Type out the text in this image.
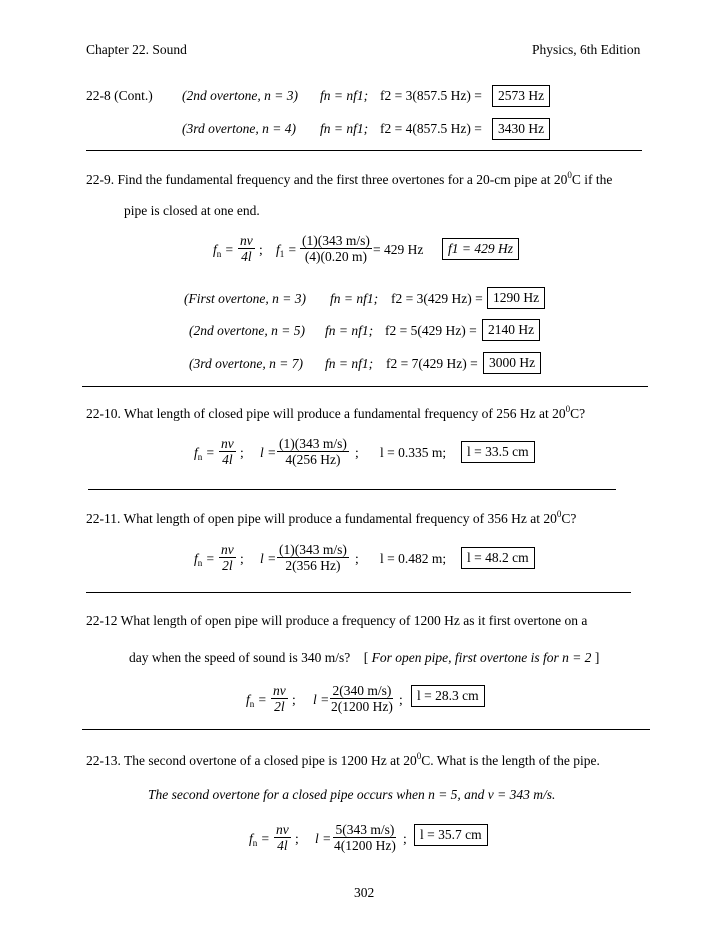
Chapter 22. Sound	Physics, 6th Edition
22-8 (Cont.) (2nd overtone, n = 3) fn = nf1; f2 = 3(857.5 Hz) =	2573 Hz
(3rd overtone, n = 4) fn = nf1; f2 = 4(857.5 Hz) =	3430 Hz
22-9. Find the fundamental frequency and the first three overtones for a 20-cm pipe at $20^0C$ if the
pipe is closed at one end.
$f_n = \frac{nv}{4l}$ ; $f_1 = \frac{(1)(343 m/s)}{(4)(0.20 m)} = 429$ Hz	f1 = 429 Hz
(First overtone, n = 3) fn = nf1; f2 = 3(429 Hz) = 1290 Hz
(2nd overtone, n = 5) fn = nf1; f2 = 5(429 Hz) = 2140 Hz
(3rd overtone, n = 7) fn = nf1; f2 = 7(429 Hz) = 3000 Hz
22-10. What length of closed pipe will produce a fundamental frequency of 256 Hz at $20^0C$?
$f_n = \frac{nv}{4l}$ ; $l = \frac{(1)(343 m/s)}{4(256 Hz)}$ ; l = 0.335 m;	l = 33.5 cm
22-11. What length of open pipe will produce a fundamental frequency of 356 Hz at $20^0C$?
$f_n = \frac{nv}{2l}$ ; $l = \frac{(1)(343 m/s)}{2(356 Hz)}$ ; l = 0.482 m;	l = 48.2 cm
22-12 What length of open pipe will produce a frequency of 1200 Hz as it first overtone on a
day when the speed of sound is 340 m/s?    [ For open pipe, first overtone is for n = 2 ]
$f_n = \frac{nv}{2l}$ ; $l = \frac{2(340 m/s)}{2(1200 Hz)}$ ;	l = 28.3 cm
22-13. The second overtone of a closed pipe is 1200 Hz at $20^0C$. What is the length of the pipe.
The second overtone for a closed pipe occurs when n = 5, and v = 343 m/s.
$f_n = \frac{nv}{4l}$ ; $l = \frac{5(343 m/s)}{4(1200 Hz)}$ ; l = 35.7 cm
302
